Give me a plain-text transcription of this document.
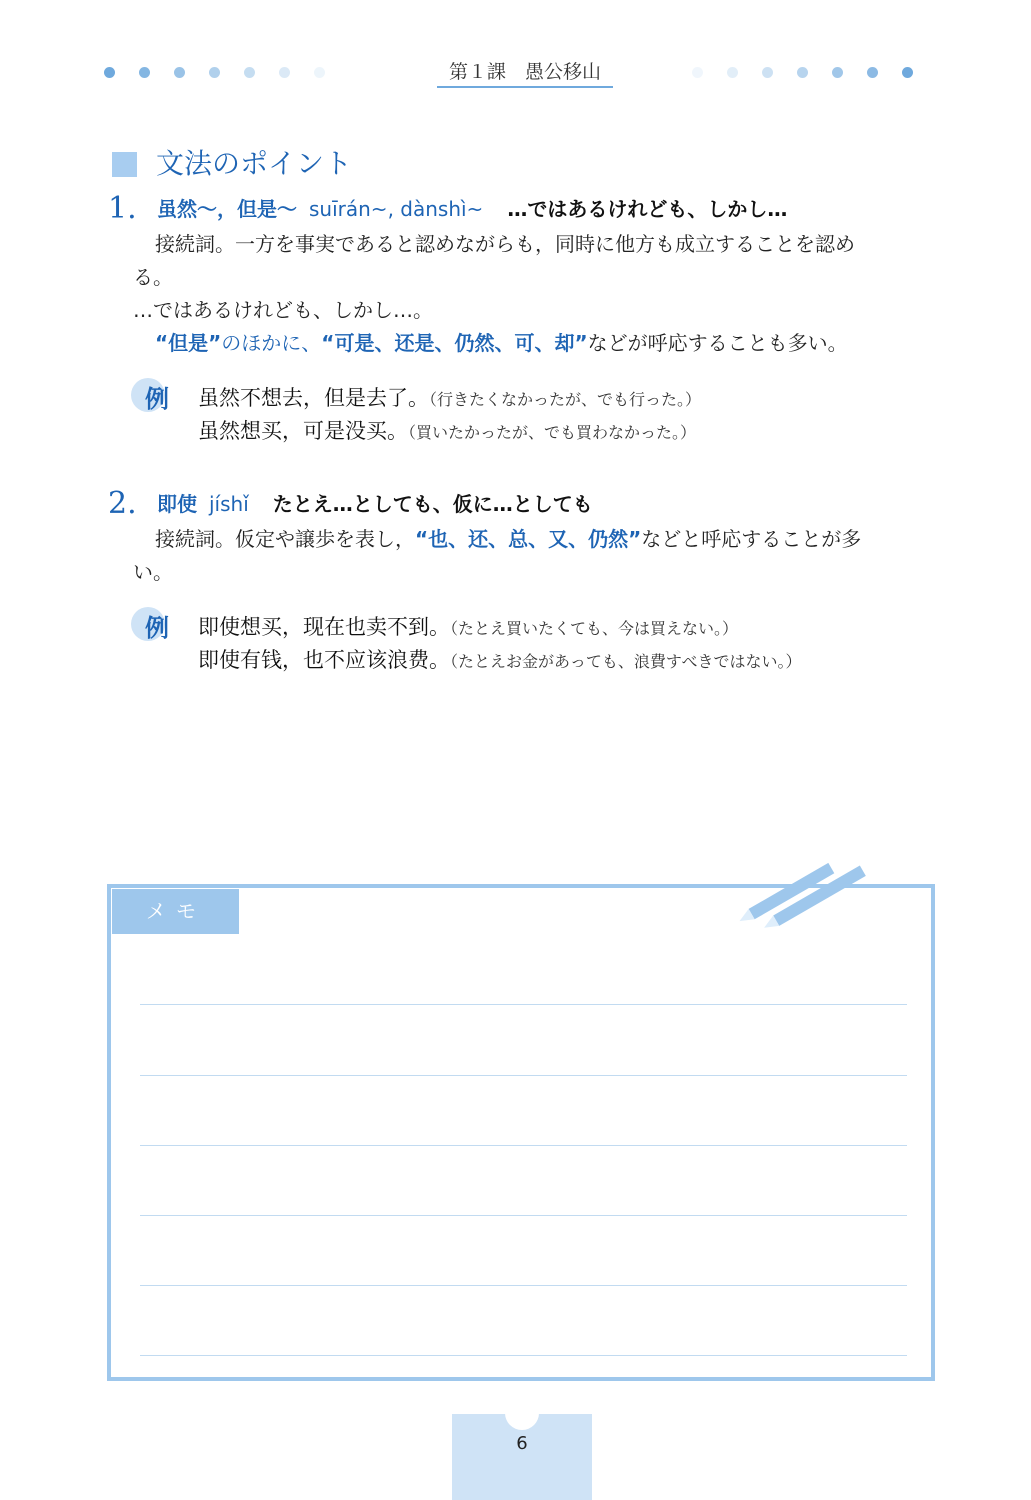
第１課　愚公移山
文法のポイント
1. 虽然～，但是～ suīrán~, dànshì~ …ではあるけれども、しかし…
接続詞。一方を事実であると認めながらも，同時に他方も成立することを認め
る。
…ではあるけれども、しかし…。
“但是”のほかに、“可是、还是、仍然、可、却”などが呼応することも多い。
例 虽然不想去，但是去了。（行きたくなかったが、でも行った。）
虽然想买，可是没买。（買いたかったが、でも買わなかった。）
2. 即使 jíshǐ たとえ…としても、仮に…としても
接続詞。仮定や譲歩を表し，“也、还、总、又、仍然”などと呼応することが多
い。
例 即使想买，现在也卖不到。（たとえ買いたくても、今は買えない。）
即使有钱，也不应该浪费。（たとえお金があっても、浪費すべきではない。）
メモ
6
